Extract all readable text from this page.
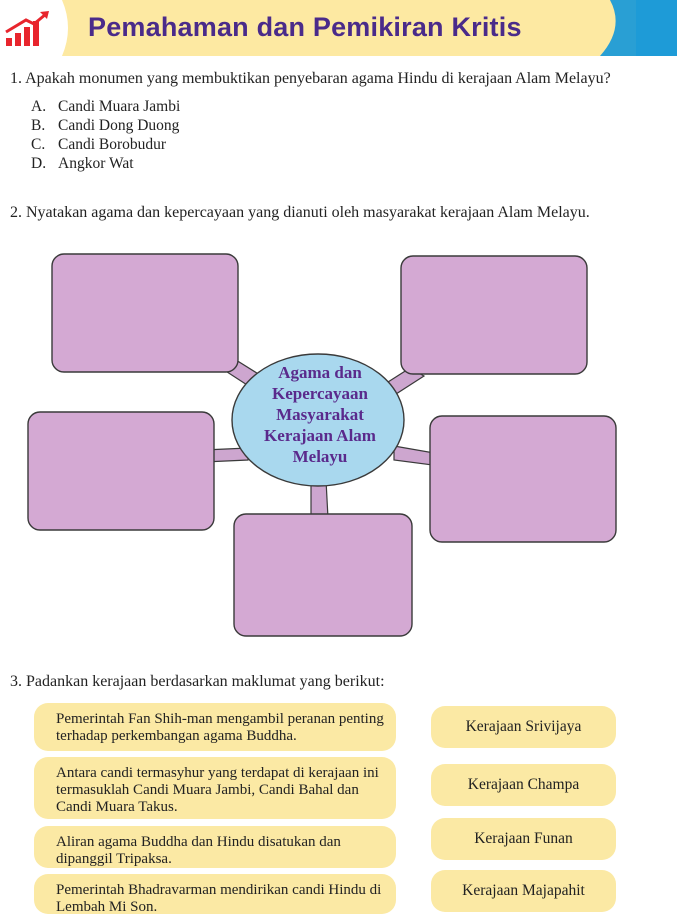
Pemahaman dan Pemikiran Kritis
1. Apakah monumen yang membuktikan penyebaran agama Hindu di kerajaan Alam Melayu?
A. Candi Muara Jambi
B. Candi Dong Duong
C. Candi Borobudur
D. Angkor Wat
2. Nyatakan agama dan kepercayaan yang dianuti oleh masyarakat kerajaan Alam Melayu.
Agama dan
Kepercayaan
Masyarakat
Kerajaan Alam
Melayu
3. Padankan kerajaan berdasarkan maklumat yang berikut:
Pemerintah Fan Shih-man mengambil peranan penting terhadap perkembangan agama Buddha.
Antara candi termasyhur yang terdapat di kerajaan ini termasuklah Candi Muara Jambi, Candi Bahal dan Candi Muara Takus.
Aliran agama Buddha dan Hindu disatukan dan dipanggil Tripaksa.
Pemerintah Bhadravarman mendirikan candi Hindu di Lembah Mi Son.
Kerajaan Srivijaya
Kerajaan Champa
Kerajaan Funan
Kerajaan Majapahit
